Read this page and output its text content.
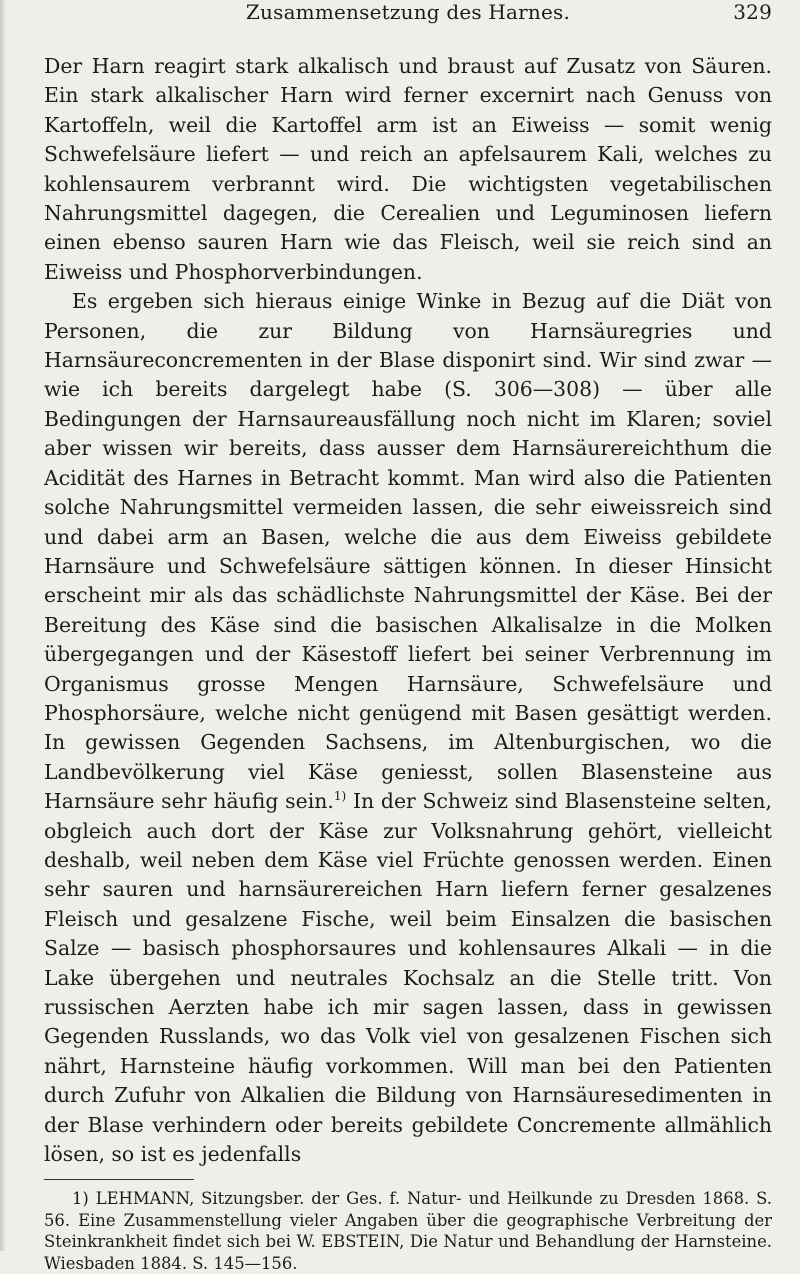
Zusammensetzung des Harnes.	329

Der Harn reagirt stark alkalisch und braust auf Zusatz von Säuren. Ein stark alkalischer Harn wird ferner excernirt nach Genuss von Kartoffeln, weil die Kartoffel arm ist an Eiweiss — somit wenig Schwefelsäure liefert — und reich an apfelsaurem Kali, welches zu kohlensaurem verbrannt wird. Die wichtigsten vegetabilischen Nahrungsmittel dagegen, die Cerealien und Leguminosen liefern einen ebenso sauren Harn wie das Fleisch, weil sie reich sind an Eiweiss und Phosphorverbindungen.

Es ergeben sich hieraus einige Winke in Bezug auf die Diät von Personen, die zur Bildung von Harnsäuregries und Harnsäureconcrementen in der Blase disponirt sind. Wir sind zwar — wie ich bereits dargelegt habe (S. 306—308) — über alle Bedingungen der Harnsaureausfällung noch nicht im Klaren; soviel aber wissen wir bereits, dass ausser dem Harnsäurereichthum die Acidität des Harnes in Betracht kommt. Man wird also die Patienten solche Nahrungsmittel vermeiden lassen, die sehr eiweissreich sind und dabei arm an Basen, welche die aus dem Eiweiss gebildete Harnsäure und Schwefelsäure sättigen können. In dieser Hinsicht erscheint mir als das schädlichste Nahrungsmittel der Käse. Bei der Bereitung des Käse sind die basischen Alkalisalze in die Molken übergegangen und der Käsestoff liefert bei seiner Verbrennung im Organismus grosse Mengen Harnsäure, Schwefelsäure und Phosphorsäure, welche nicht genügend mit Basen gesättigt werden. In gewissen Gegenden Sachsens, im Altenburgischen, wo die Landbevölkerung viel Käse geniesst, sollen Blasensteine aus Harnsäure sehr häufig sein.$^{1)}$ In der Schweiz sind Blasensteine selten, obgleich auch dort der Käse zur Volksnahrung gehört, vielleicht deshalb, weil neben dem Käse viel Früchte genossen werden. Einen sehr sauren und harnsäurereichen Harn liefern ferner gesalzenes Fleisch und gesalzene Fische, weil beim Einsalzen die basischen Salze — basisch phosphorsaures und kohlensaures Alkali — in die Lake übergehen und neutrales Kochsalz an die Stelle tritt. Von russischen Aerzten habe ich mir sagen lassen, dass in gewissen Gegenden Russlands, wo das Volk viel von gesalzenen Fischen sich nährt, Harnsteine häufig vorkommen. Will man bei den Patienten durch Zufuhr von Alkalien die Bildung von Harnsäuresedimenten in der Blase verhindern oder bereits gebildete Concremente allmählich lösen, so ist es jedenfalls

1) LEHMANN, Sitzungsber. der Ges. f. Natur- und Heilkunde zu Dresden 1868. S. 56. Eine Zusammenstellung vieler Angaben über die geographische Verbreitung der Steinkrankheit findet sich bei W. EBSTEIN, Die Natur und Behandlung der Harnsteine. Wiesbaden 1884. S. 145—156.
